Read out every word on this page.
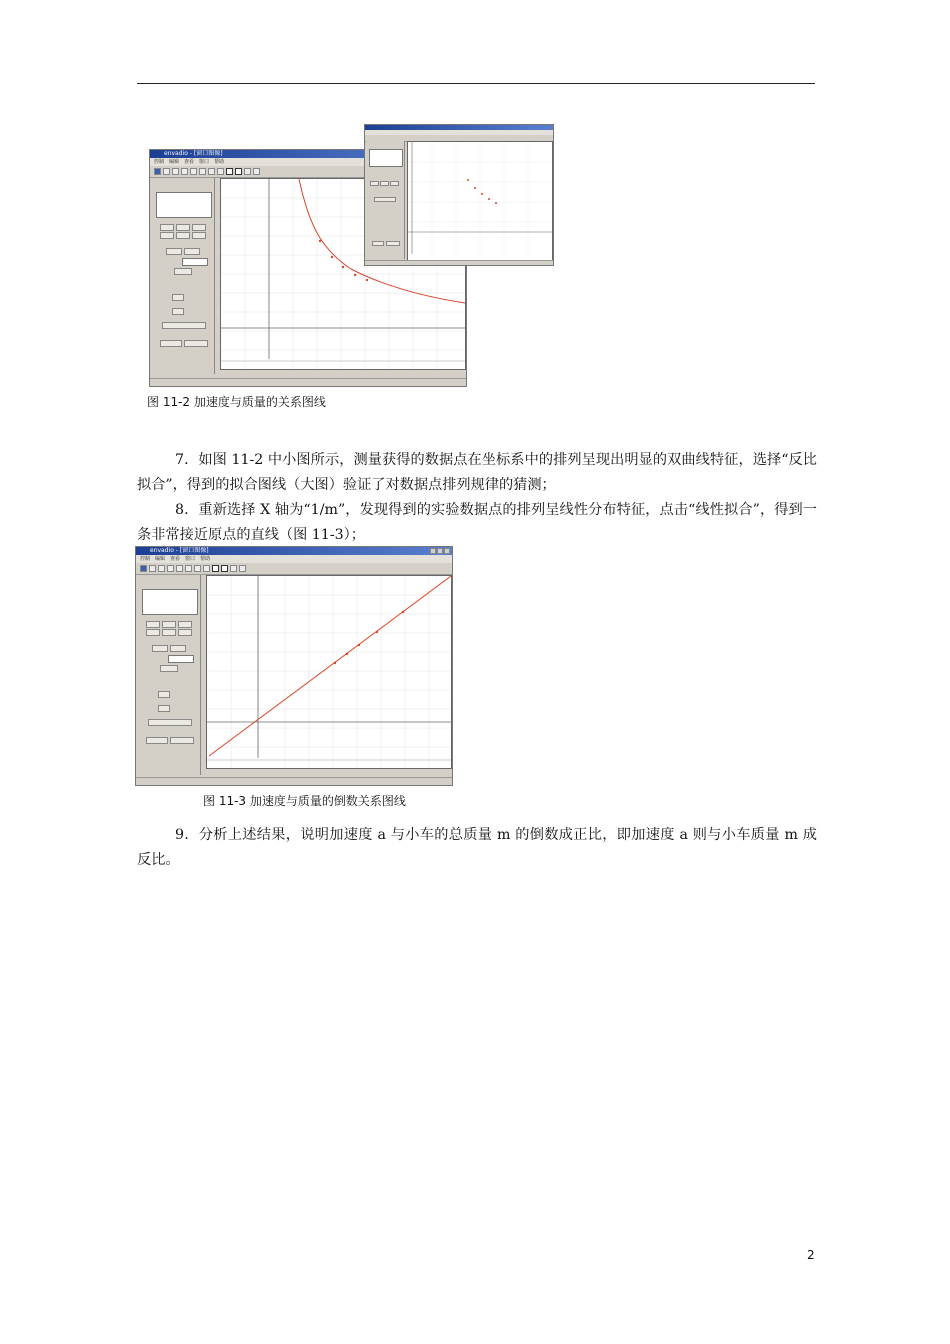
envadio - [窗口图像]
控制 编辑 查看 窗口 帮助
图 11-2 加速度与质量的关系图线

7．如图 11-2 中小图所示，测量获得的数据点在坐标系中的排列呈现出明显的双曲线特征，选择“反比拟合”，得到的拟合图线（大图）验证了对数据点排列规律的猜测；

8．重新选择 X 轴为“1/m”，发现得到的实验数据点的排列呈线性分布特征，点击“线性拟合”，得到一条非常接近原点的直线（图 11-3）；

envadio - [窗口图像]
控制 编辑 查看 窗口 帮助
图 11-3 加速度与质量的倒数关系图线

9．分析上述结果，说明加速度 a 与小车的总质量 m 的倒数成正比，即加速度 a 则与小车质量 m 成反比。

2
